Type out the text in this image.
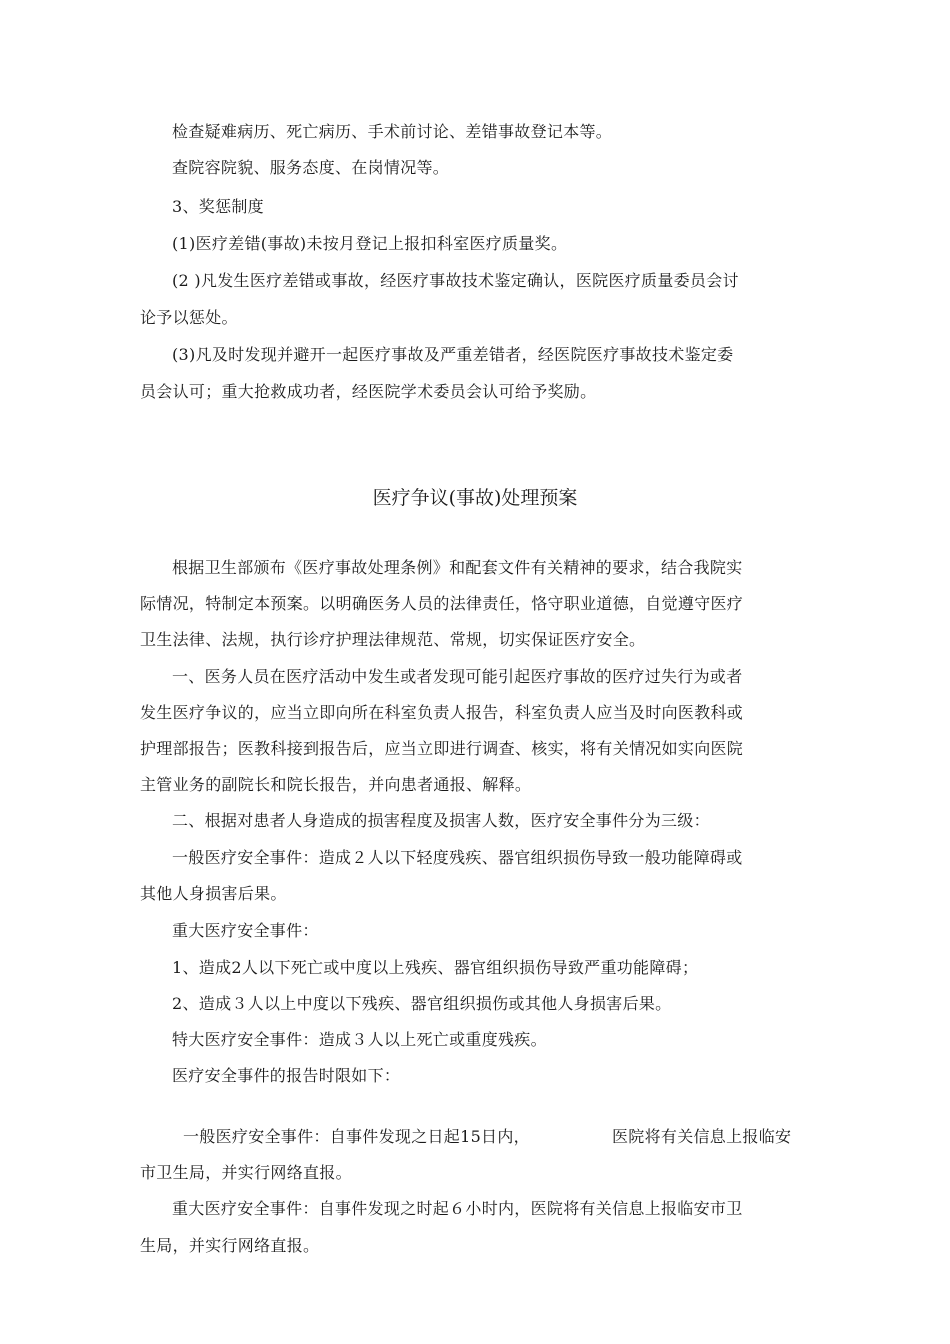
检查疑难病历、死亡病历、手术前讨论、差错事故登记本等。
查院容院貌、服务态度、在岗情况等。
3、奖惩制度
(1)医疗差错(事故)未按月登记上报扣科室医疗质量奖。
(2 )凡发生医疗差错或事故，经医疗事故技术鉴定确认，医院医疗质量委员会讨
论予以惩处。
(3)凡及时发现并避开一起医疗事故及严重差错者，经医院医疗事故技术鉴定委
员会认可；重大抢救成功者，经医院学术委员会认可给予奖励。
医疗争议(事故)处理预案
根据卫生部颁布《医疗事故处理条例》和配套文件有关精神的要求，结合我院实
际情况，特制定本预案。以明确医务人员的法律责任，恪守职业道德，自觉遵守医疗
卫生法律、法规，执行诊疗护理法律规范、常规，切实保证医疗安全。
一、医务人员在医疗活动中发生或者发现可能引起医疗事故的医疗过失行为或者
发生医疗争议的，应当立即向所在科室负责人报告，科室负责人应当及时向医教科或
护理部报告；医教科接到报告后，应当立即进行调查、核实，将有关情况如实向医院
主管业务的副院长和院长报告，并向患者通报、解释。
二、根据对患者人身造成的损害程度及损害人数，医疗安全事件分为三级：
一般医疗安全事件：造成２人以下轻度残疾、器官组织损伤导致一般功能障碍或
其他人身损害后果。
重大医疗安全事件：
1、造成2人以下死亡或中度以上残疾、器官组织损伤导致严重功能障碍；
2、造成３人以上中度以下残疾、器官组织损伤或其他人身损害后果。
特大医疗安全事件：造成３人以上死亡或重度残疾。
医疗安全事件的报告时限如下：
一般医疗安全事件：自事件发现之日起15日内，	医院将有关信息上报临安
市卫生局，并实行网络直报。
重大医疗安全事件：自事件发现之时起６小时内，医院将有关信息上报临安市卫
生局，并实行网络直报。
